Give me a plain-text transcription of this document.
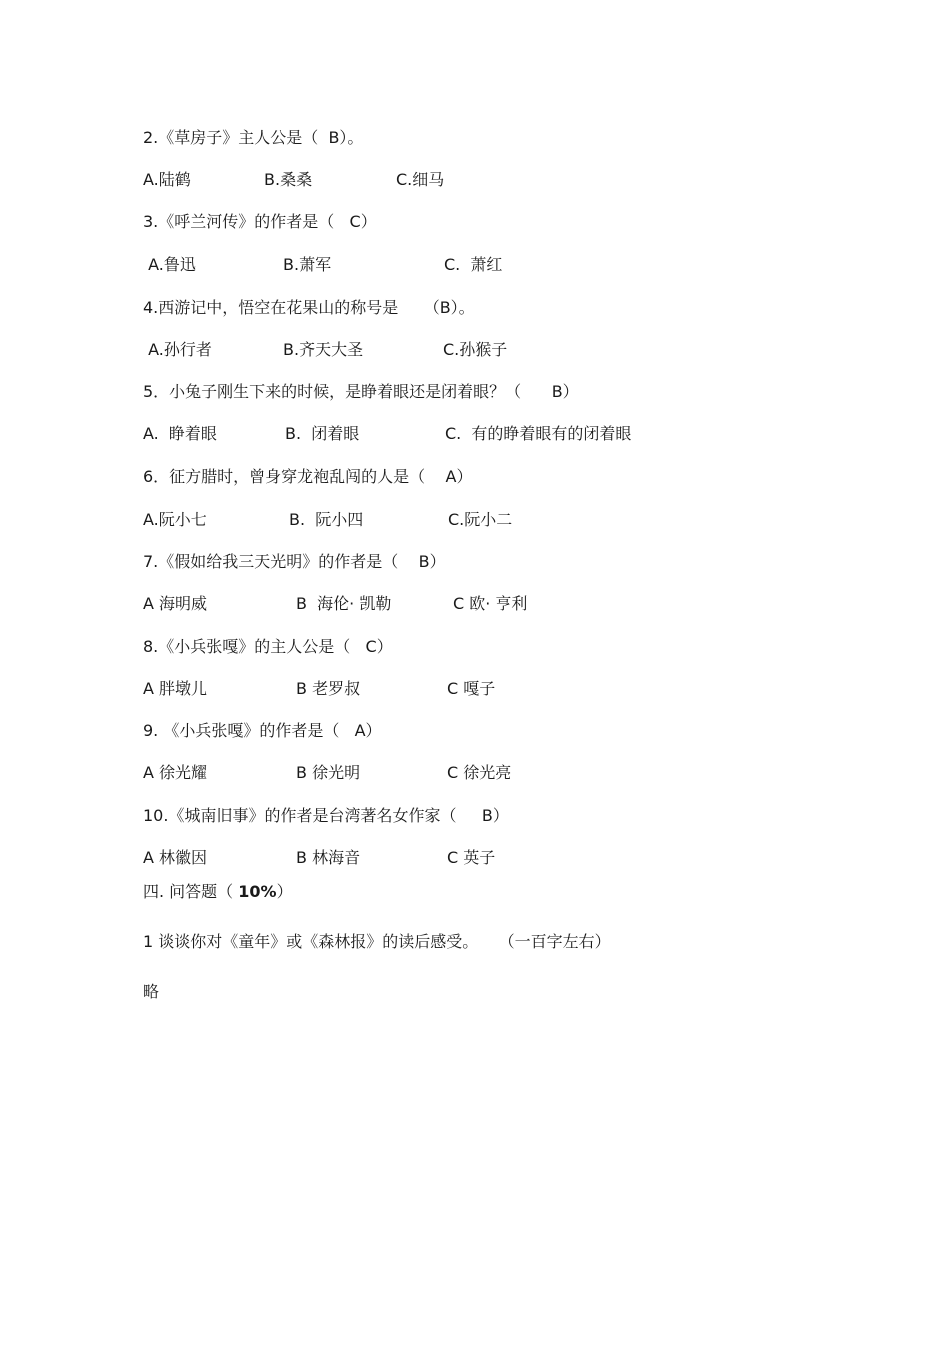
2.《草房子》主人公是（  B）。
A.陆鹤	B.桑桑	C.细马
3.《呼兰河传》的作者是（   C）
A.鲁迅	B.萧军	C.  萧红
4.西游记中，悟空在花果山的称号是     （B）。
A.孙行者	B.齐天大圣	C.孙猴子
5．小兔子刚生下来的时候，是睁着眼还是闭着眼？（      B）
A.  睁着眼	B.  闭着眼	C.  有的睁着眼有的闭着眼
6．征方腊时，曾身穿龙袍乱闯的人是（    A）
A.阮小七	B.  阮小四	C.阮小二
7.《假如给我三天光明》的作者是（    B）
A 海明威	B  海伦· 凯勒	C 欧· 亨利
8.《小兵张嘎》的主人公是（   C）
A 胖墩儿	B 老罗叔	C 嘎子
9. 《小兵张嘎》的作者是（   A）
A 徐光耀	B 徐光明	C 徐光亮
10.《城南旧事》的作者是台湾著名女作家（     B）
A 林徽因	B 林海音	C 英子
四. 问答题（ 10%）
1 谈谈你对《童年》或《森林报》的读后感受。    （一百字左右）
略
